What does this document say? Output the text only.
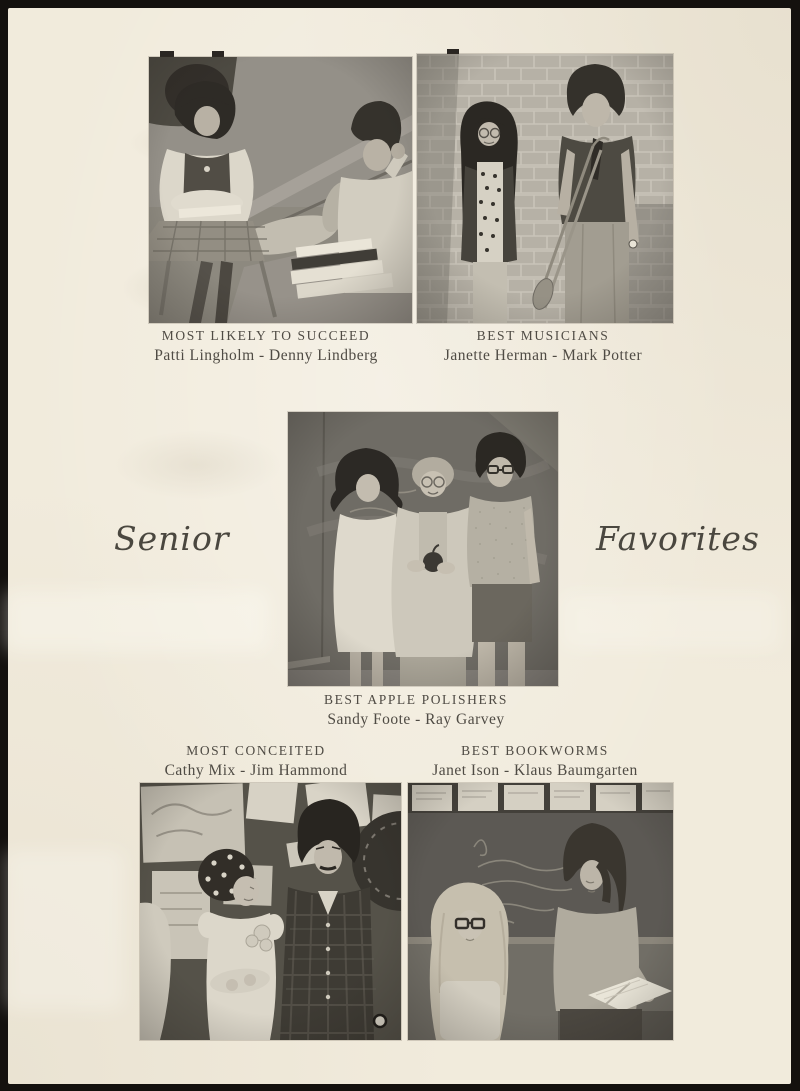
MOST LIKELY TO SUCCEED
Patti Lingholm - Denny Lindberg
BEST MUSICIANS
Janette Herman - Mark Potter
Senior	Favorites
BEST APPLE POLISHERS
Sandy Foote - Ray Garvey
MOST CONCEITED
Cathy Mix - Jim Hammond
BEST BOOKWORMS
Janet Ison - Klaus Baumgarten
